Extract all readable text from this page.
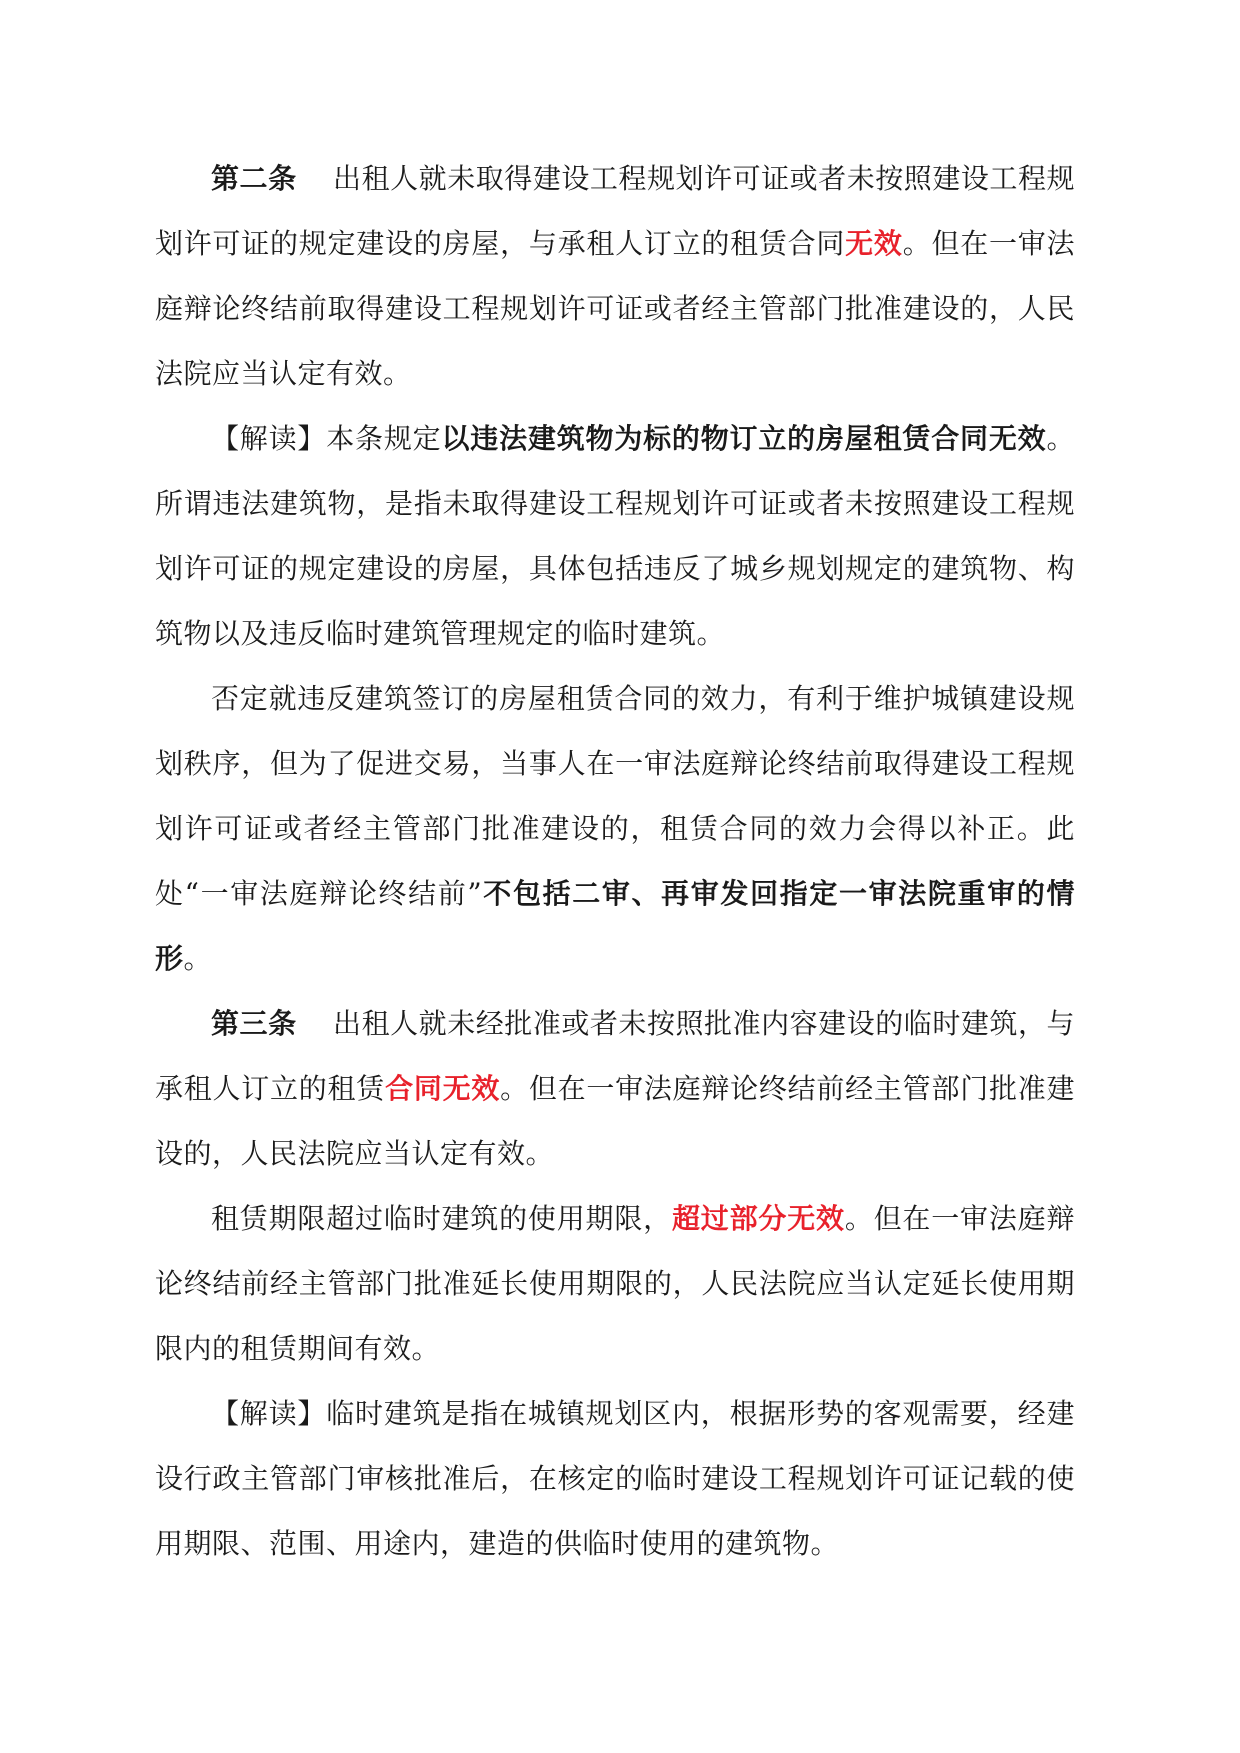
第二条 出租人就未取得建设工程规划许可证或者未按照建设工程规划许可证的规定建设的房屋，与承租人订立的租赁合同无效。但在一审法庭辩论终结前取得建设工程规划许可证或者经主管部门批准建设的，人民法院应当认定有效。

【解读】本条规定以违法建筑物为标的物订立的房屋租赁合同无效。所谓违法建筑物，是指未取得建设工程规划许可证或者未按照建设工程规划许可证的规定建设的房屋，具体包括违反了城乡规划规定的建筑物、构筑物以及违反临时建筑管理规定的临时建筑。

否定就违反建筑签订的房屋租赁合同的效力，有利于维护城镇建设规划秩序，但为了促进交易，当事人在一审法庭辩论终结前取得建设工程规划许可证或者经主管部门批准建设的，租赁合同的效力会得以补正。此处“一审法庭辩论终结前”不包括二审、再审发回指定一审法院重审的情形。

第三条 出租人就未经批准或者未按照批准内容建设的临时建筑，与承租人订立的租赁合同无效。但在一审法庭辩论终结前经主管部门批准建设的，人民法院应当认定有效。

租赁期限超过临时建筑的使用期限，超过部分无效。但在一审法庭辩论终结前经主管部门批准延长使用期限的，人民法院应当认定延长使用期限内的租赁期间有效。

【解读】临时建筑是指在城镇规划区内，根据形势的客观需要，经建设行政主管部门审核批准后，在核定的临时建设工程规划许可证记载的使用期限、范围、用途内，建造的供临时使用的建筑物。
